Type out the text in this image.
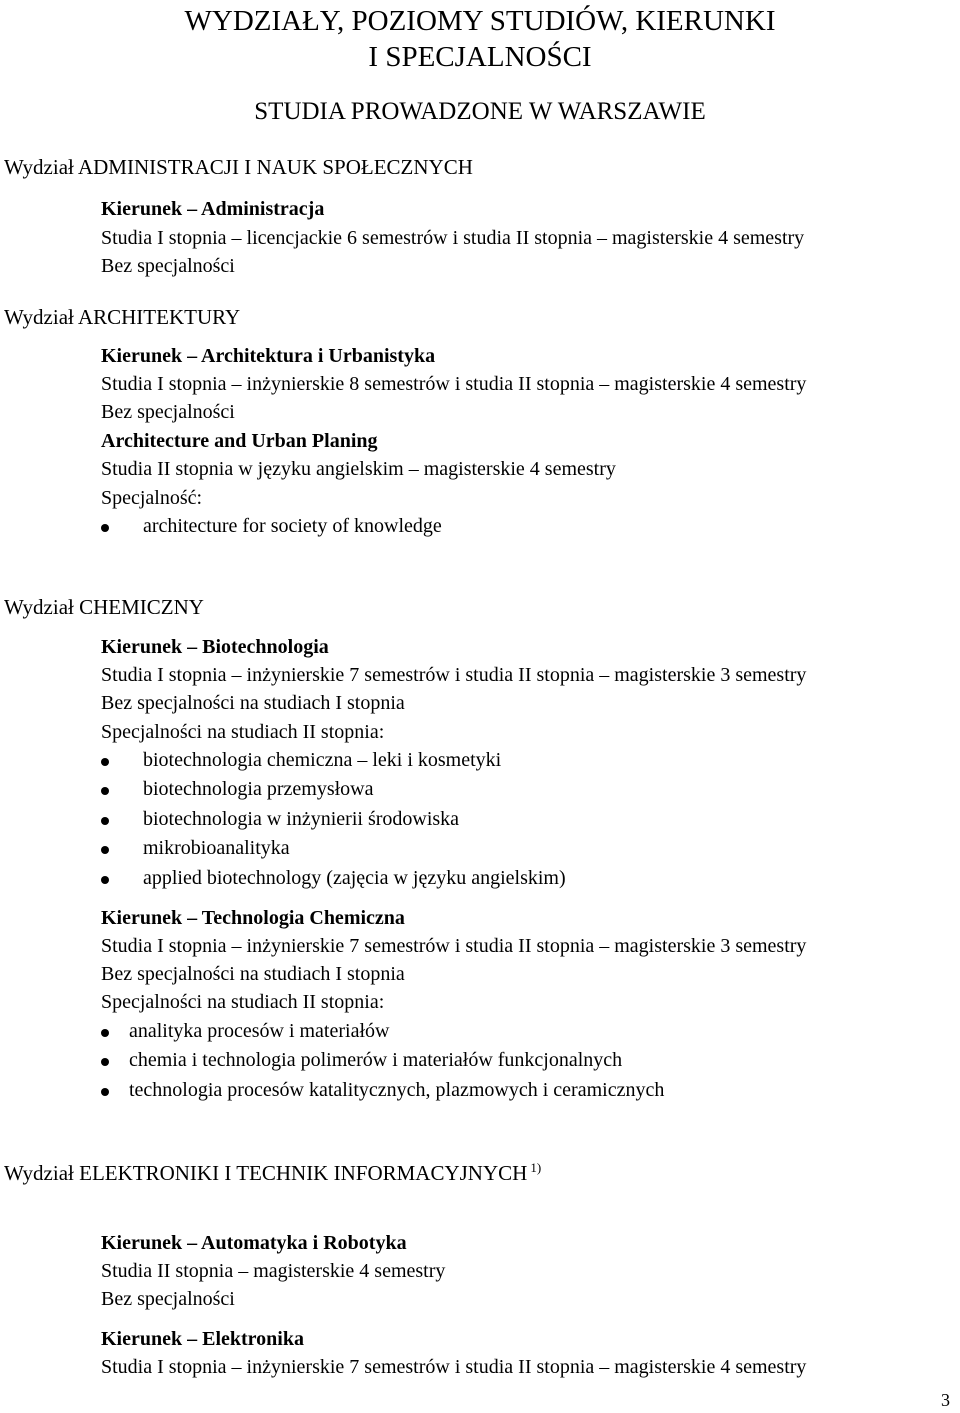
WYDZIAŁY, POZIOMY STUDIÓW, KIERUNKI
I SPECJALNOŚCI
STUDIA PROWADZONE W WARSZAWIE
Wydział ADMINISTRACJI I NAUK SPOŁECZNYCH
Kierunek – Administracja
Studia I stopnia – licencjackie 6 semestrów i studia II stopnia – magisterskie 4 semestry
Bez specjalności
Wydział ARCHITEKTURY
Kierunek – Architektura i Urbanistyka
Studia I stopnia – inżynierskie 8 semestrów i studia II stopnia – magisterskie 4 semestry
Bez specjalności
Architecture and Urban Planing
Studia II stopnia w języku angielskim – magisterskie 4 semestry
Specjalność:
architecture for society of knowledge
Wydział CHEMICZNY
Kierunek – Biotechnologia
Studia I stopnia – inżynierskie 7 semestrów i studia II stopnia – magisterskie 3 semestry
Bez specjalności na studiach I stopnia
Specjalności na studiach II stopnia:
biotechnologia chemiczna – leki i kosmetyki
biotechnologia przemysłowa
biotechnologia w inżynierii środowiska
mikrobioanalityka
applied biotechnology (zajęcia w języku angielskim)
Kierunek – Technologia Chemiczna
Studia I stopnia – inżynierskie 7 semestrów i studia II stopnia – magisterskie 3 semestry
Bez specjalności na studiach I stopnia
Specjalności na studiach II stopnia:
analityka procesów i materiałów
chemia i technologia polimerów i materiałów funkcjonalnych
technologia procesów katalitycznych, plazmowych i ceramicznych
Wydział ELEKTRONIKI I TECHNIK INFORMACYJNYCH $^{1)}$
Kierunek – Automatyka i Robotyka
Studia II stopnia – magisterskie 4 semestry
Bez specjalności
Kierunek – Elektronika
Studia I stopnia – inżynierskie 7 semestrów i studia II stopnia – magisterskie 4 semestry
3
